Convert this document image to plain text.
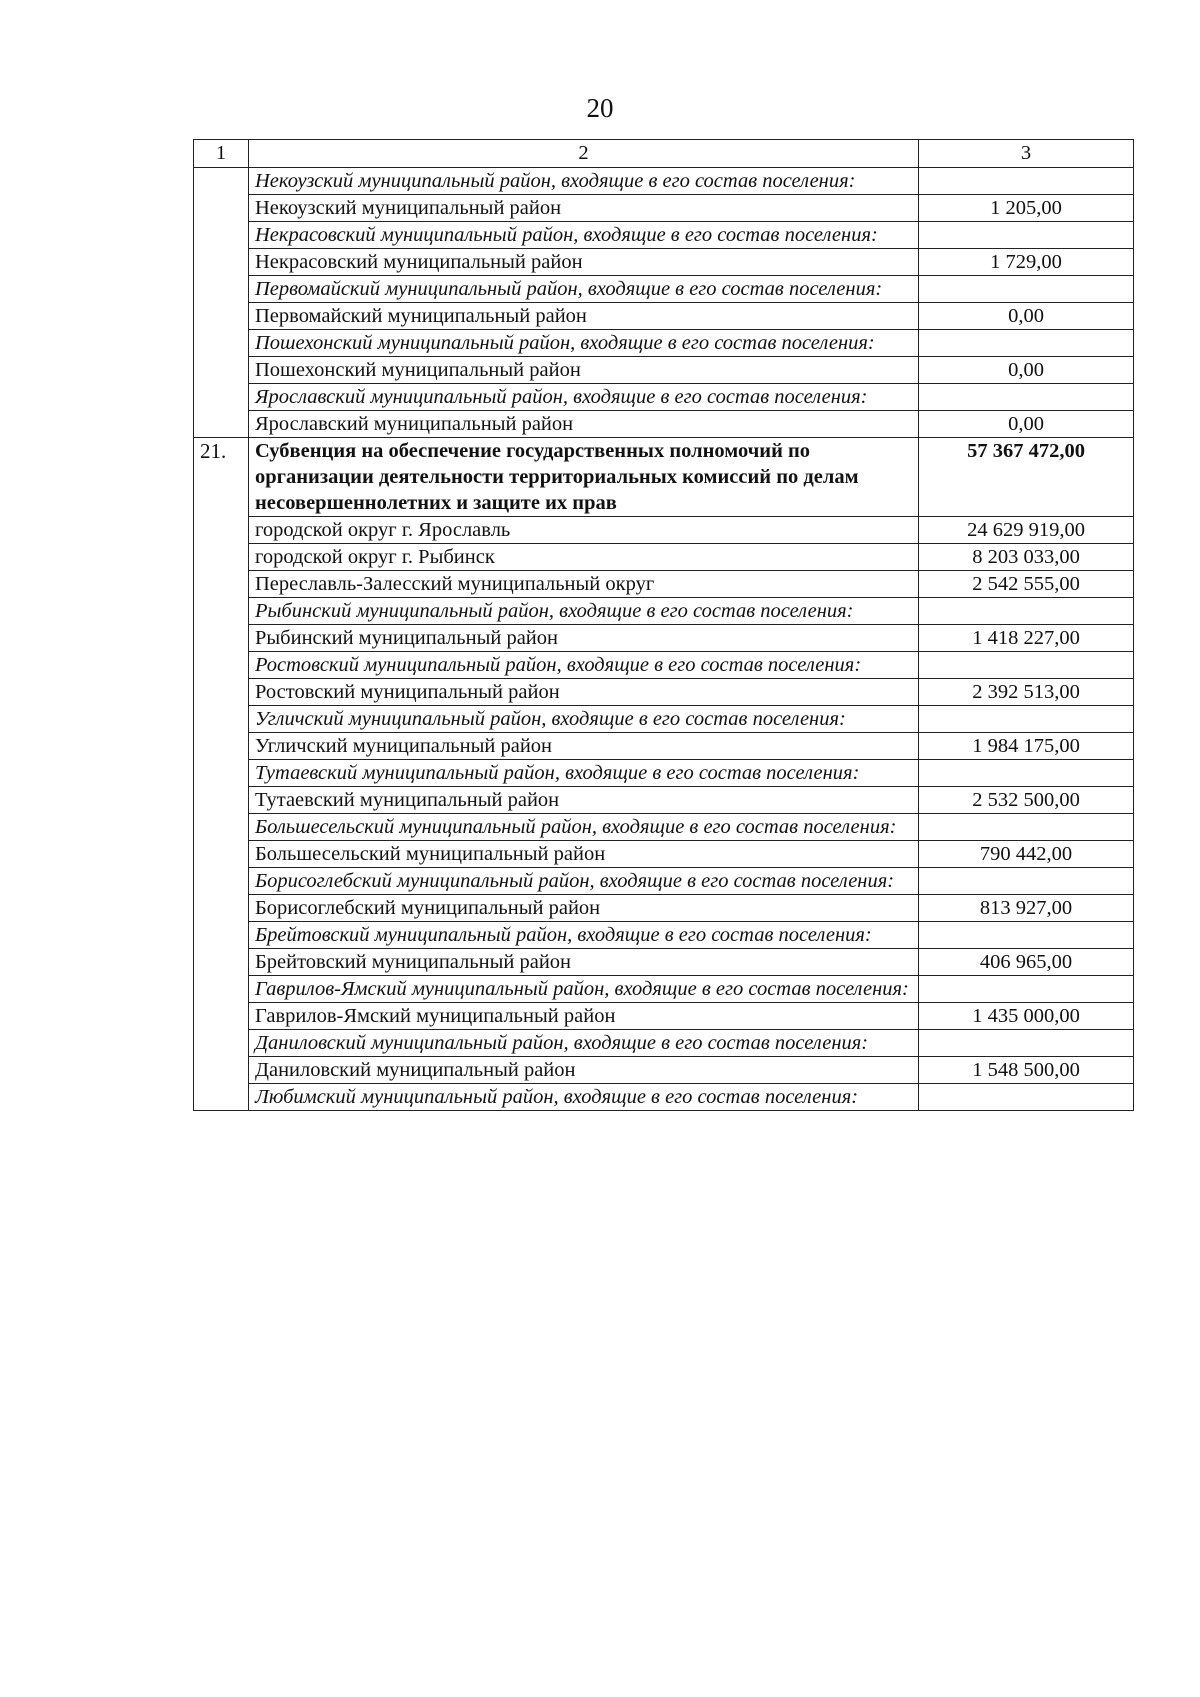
20
1	2	3
	Некоузский муниципальный район, входящие в его состав поселения:	
	Некоузский муниципальный район	1 205,00
	Некрасовский муниципальный район, входящие в его состав поселения:	
	Некрасовский муниципальный район	1 729,00
	Первомайский муниципальный район, входящие в его состав поселения:	
	Первомайский муниципальный район	0,00
	Пошехонский муниципальный район, входящие в его состав поселения:	
	Пошехонский муниципальный район	0,00
	Ярославский муниципальный район, входящие в его состав поселения:	
	Ярославский муниципальный район	0,00
21.	Субвенция на обеспечение государственных полномочий по организации деятельности территориальных комиссий по делам несовершеннолетних и защите их прав	57 367 472,00
	городской округ г. Ярославль	24 629 919,00
	городской округ г. Рыбинск	8 203 033,00
	Переславль-Залесский муниципальный округ	2 542 555,00
	Рыбинский муниципальный район, входящие в его состав поселения:	
	Рыбинский муниципальный район	1 418 227,00
	Ростовский муниципальный район, входящие в его состав поселения:	
	Ростовский муниципальный район	2 392 513,00
	Угличский муниципальный район, входящие в его состав поселения:	
	Угличский муниципальный район	1 984 175,00
	Тутаевский муниципальный район, входящие в его состав поселения:	
	Тутаевский муниципальный район	2 532 500,00
	Большесельский муниципальный район, входящие в его состав поселения:	
	Большесельский муниципальный район	790 442,00
	Борисоглебский муниципальный район, входящие в его состав поселения:	
	Борисоглебский муниципальный район	813 927,00
	Брейтовский муниципальный район, входящие в его состав поселения:	
	Брейтовский муниципальный район	406 965,00
	Гаврилов-Ямский муниципальный район, входящие в его состав поселения:	
	Гаврилов-Ямский муниципальный район	1 435 000,00
	Даниловский муниципальный район, входящие в его состав поселения:	
	Даниловский муниципальный район	1 548 500,00
	Любимский муниципальный район, входящие в его состав поселения:	
